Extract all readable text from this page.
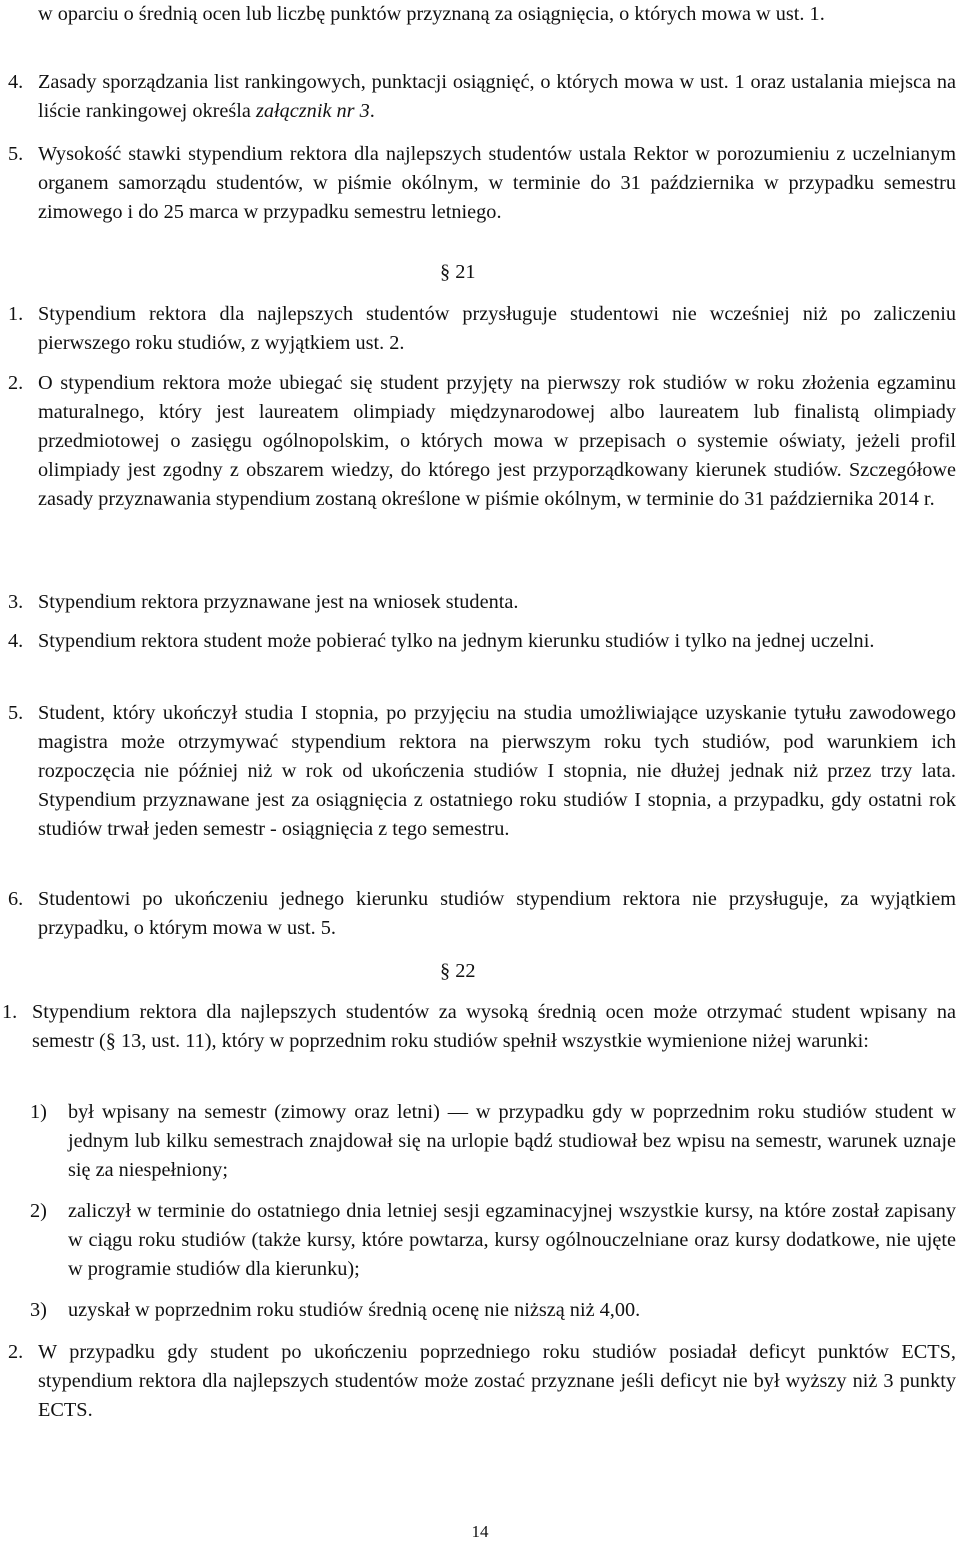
w oparciu o średnią ocen lub liczbę punktów przyznaną za osiągnięcia, o których mowa w ust. 1.

4. Zasady sporządzania list rankingowych, punktacji osiągnięć, o których mowa w ust. 1 oraz ustalania miejsca na liście rankingowej określa załącznik nr 3.
5. Wysokość stawki stypendium rektora dla najlepszych studentów ustala Rektor w porozumieniu z uczelnianym organem samorządu studentów, w piśmie okólnym, w terminie do 31 października w przypadku semestru zimowego i do 25 marca w przypadku semestru letniego.
§ 21
1. Stypendium rektora dla najlepszych studentów przysługuje studentowi nie wcześniej niż po zaliczeniu pierwszego roku studiów, z wyjątkiem ust. 2.
2. O stypendium rektora może ubiegać się student przyjęty na pierwszy rok studiów w roku złożenia egzaminu maturalnego, który jest laureatem olimpiady międzynarodowej albo laureatem lub finalistą olimpiady przedmiotowej o zasięgu ogólnopolskim, o których mowa w przepisach o systemie oświaty, jeżeli profil olimpiady jest zgodny z obszarem wiedzy, do którego jest przyporządkowany kierunek studiów. Szczegółowe zasady przyznawania stypendium zostaną określone w piśmie okólnym, w terminie do 31 października 2014 r.
3. Stypendium rektora przyznawane jest na wniosek studenta.
4. Stypendium rektora student może pobierać tylko na jednym kierunku studiów i tylko na jednej uczelni.
5. Student, który ukończył studia I stopnia, po przyjęciu na studia umożliwiające uzyskanie tytułu zawodowego magistra może otrzymywać stypendium rektora na pierwszym roku tych studiów, pod warunkiem ich rozpoczęcia nie później niż w rok od ukończenia studiów I stopnia, nie dłużej jednak niż przez trzy lata. Stypendium przyznawane jest za osiągnięcia z ostatniego roku studiów I stopnia, a przypadku, gdy ostatni rok studiów trwał jeden semestr - osiągnięcia z tego semestru.
6. Studentowi po ukończeniu jednego kierunku studiów stypendium rektora nie przysługuje, za wyjątkiem przypadku, o którym mowa w ust. 5.
§ 22
1. Stypendium rektora dla najlepszych studentów za wysoką średnią ocen może otrzymać student wpisany na semestr (§ 13, ust. 11), który w poprzednim roku studiów spełnił wszystkie wymienione niżej warunki:
1) był wpisany na semestr (zimowy oraz letni) — w przypadku gdy w poprzednim roku studiów student w jednym lub kilku semestrach znajdował się na urlopie bądź studiował bez wpisu na semestr, warunek uznaje się za niespełniony;
2) zaliczył w terminie do ostatniego dnia letniej sesji egzaminacyjnej wszystkie kursy, na które został zapisany w ciągu roku studiów (także kursy, które powtarza, kursy ogólnouczelniane oraz kursy dodatkowe, nie ujęte w programie studiów dla kierunku);
3) uzyskał w poprzednim roku studiów średnią ocenę nie niższą niż 4,00.
2. W przypadku gdy student po ukończeniu poprzedniego roku studiów posiadał deficyt punktów ECTS, stypendium rektora dla najlepszych studentów może zostać przyznane jeśli deficyt nie był wyższy niż 3 punkty ECTS.
14
